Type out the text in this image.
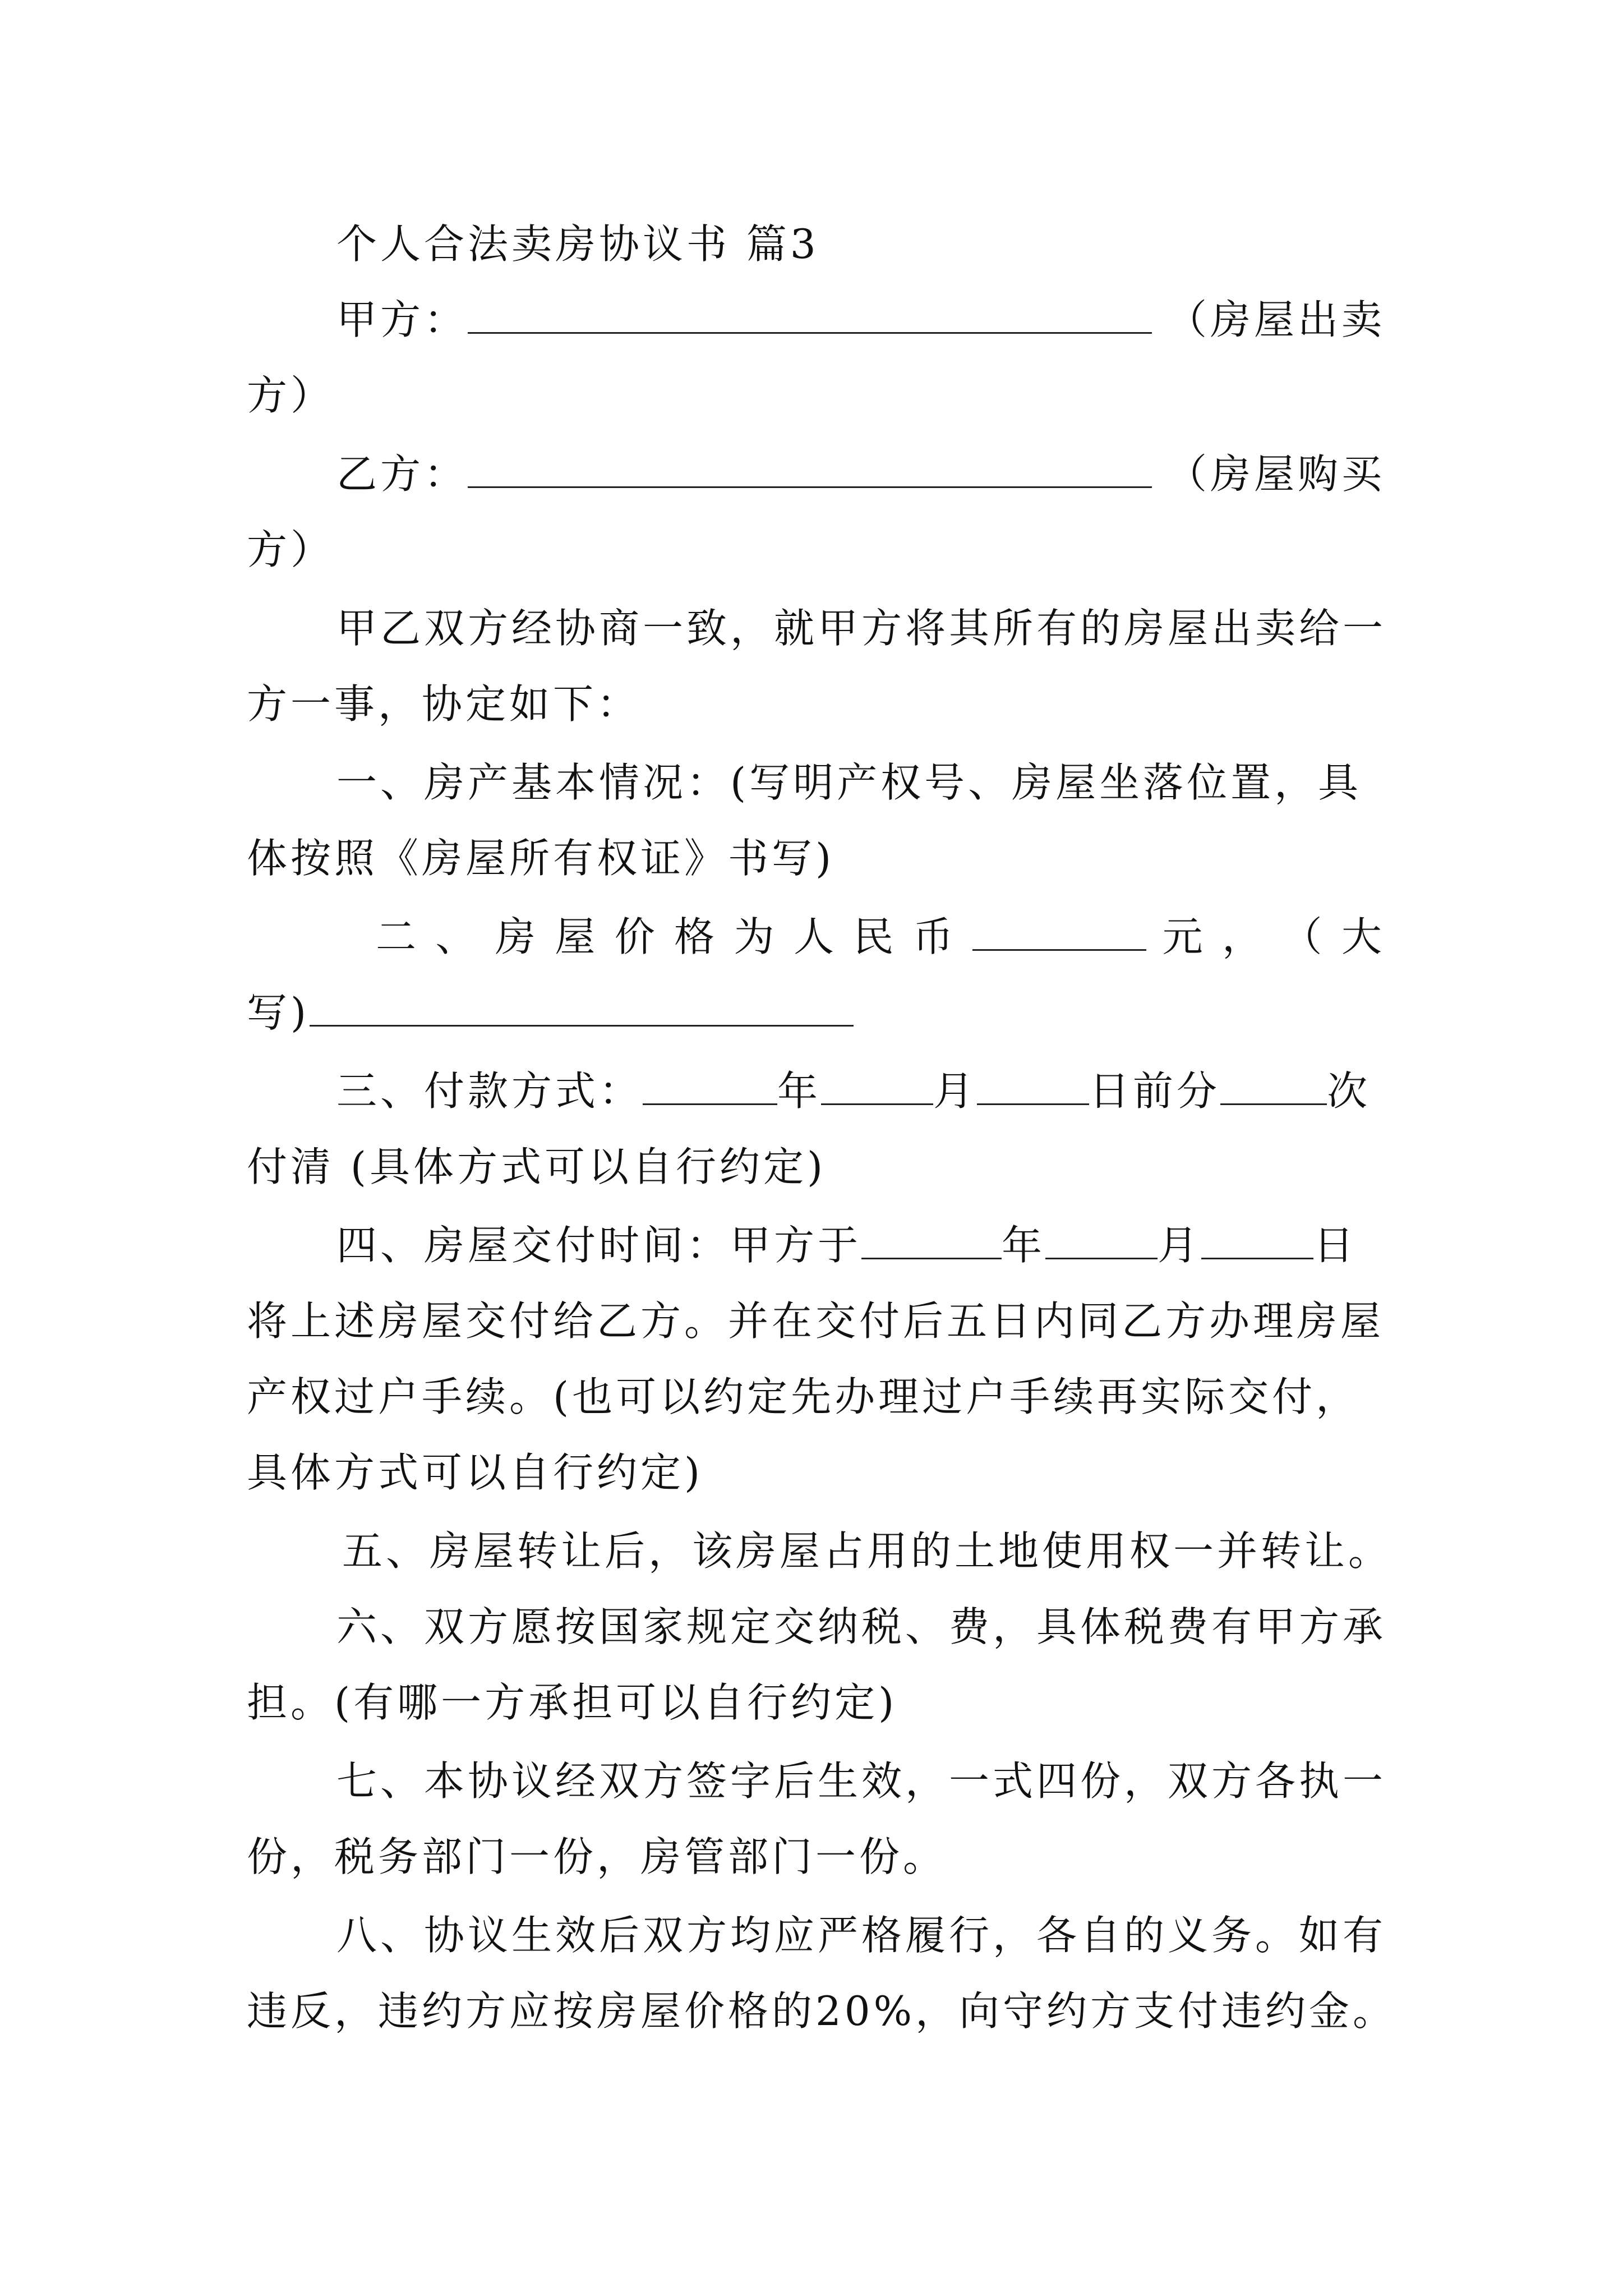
个人合法卖房协议书 篇3
甲方：	（房屋出卖
方）
乙方：	（房屋购买
方）
甲乙双方经协商一致，就甲方将其所有的房屋出卖给一
方一事，协定如下：
一、房产基本情况：(写明产权号、房屋坐落位置，具
体按照《房屋所有权证》书写)
二 、 房 屋 价 格 为 人 民 币	元 ， （ 大
写)
三、付款方式：	年	月	日前分	次
付清 (具体方式可以自行约定)
四、房屋交付时间：甲方于	年	月	日
将上述房屋交付给乙方。并在交付后五日内同乙方办理房屋
产权过户手续。(也可以约定先办理过户手续再实际交付，
具体方式可以自行约定)
五、房屋转让后，该房屋占用的土地使用权一并转让。
六、双方愿按国家规定交纳税、费，具体税费有甲方承
担。(有哪一方承担可以自行约定)
七、本协议经双方签字后生效，一式四份，双方各执一
份，税务部门一份，房管部门一份。
八、协议生效后双方均应严格履行，各自的义务。如有
违反，违约方应按房屋价格的20%，向守约方支付违约金。
